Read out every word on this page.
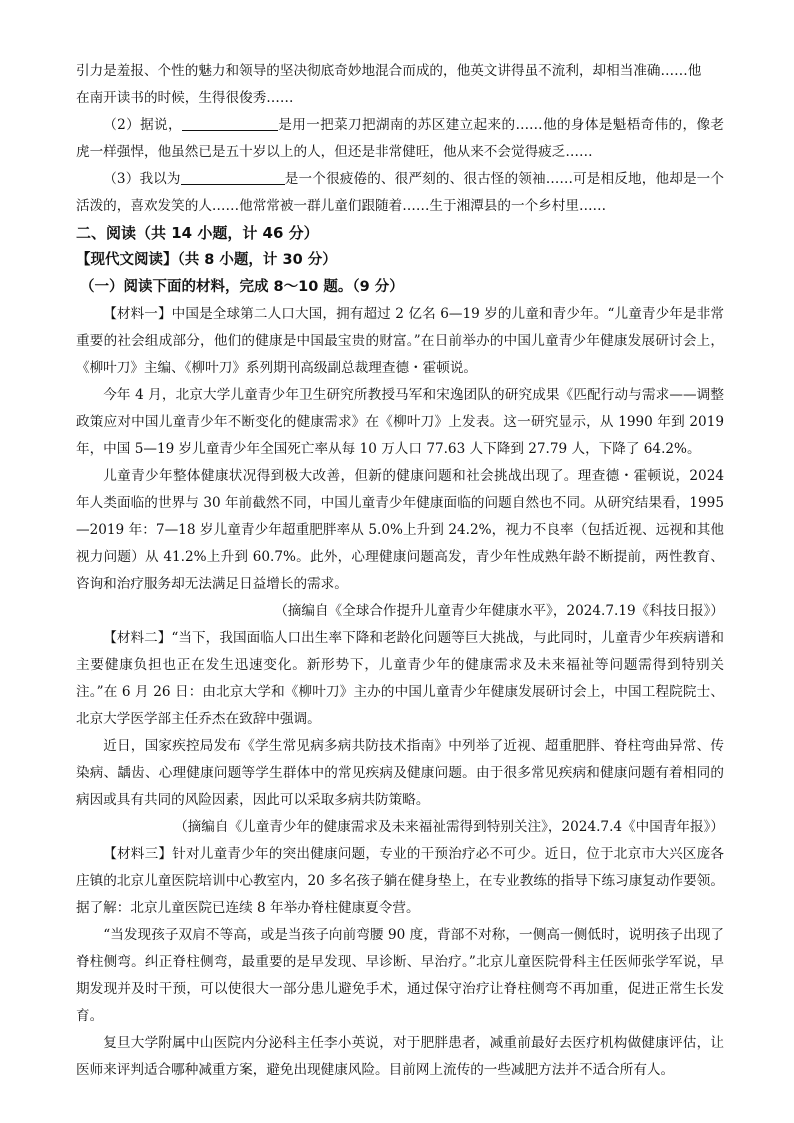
引力是羞报、个性的魅力和领导的坚决彻底奇妙地混合而成的，他英文讲得虽不流利，却相当准确……他
在南开读书的时候，生得很俊秀……

（2）据说，	是用一把菜刀把湖南的苏区建立起来的……他的身体是魁梧奇伟的，像老虎一样强悍，他虽然已是五十岁以上的人，但还是非常健旺，他从来不会觉得疲乏……

（3）我以为	是一个很疲倦的、很严刻的、很古怪的领袖……可是相反地，他却是一个活泼的，喜欢发笑的人……他常常被一群儿童们跟随着……生于湘潭县的一个乡村里……

二、阅读（共 14 小题，计 46 分）
【现代文阅读】（共 8 小题，计 30 分）
（一）阅读下面的材料，完成 8～10 题。（9 分）

【材料一】中国是全球第二人口大国，拥有超过 2 亿名 6—19 岁的儿童和青少年。“儿童青少年是非常重要的社会组成部分，他们的健康是中国最宝贵的财富。”在日前举办的中国儿童青少年健康发展研讨会上，《柳叶刀》主编、《柳叶刀》系列期刊高级副总裁理查德・霍顿说。

今年 4 月，北京大学儿童青少年卫生研究所教授马军和宋逸团队的研究成果《匹配行动与需求——调整政策应对中国儿童青少年不断变化的健康需求》在《柳叶刀》上发表。这一研究显示，从 1990 年到 2019 年，中国 5—19 岁儿童青少年全国死亡率从每 10 万人口 77.63 人下降到 27.79 人，下降了 64.2%。

儿童青少年整体健康状况得到极大改善，但新的健康问题和社会挑战出现了。理查德・霍顿说，2024 年人类面临的世界与 30 年前截然不同，中国儿童青少年健康面临的问题自然也不同。从研究结果看，1995—2019 年：7—18 岁儿童青少年超重肥胖率从 5.0%上升到 24.2%，视力不良率（包括近视、远视和其他视力问题）从 41.2%上升到 60.7%。此外，心理健康问题高发，青少年性成熟年龄不断提前，两性教育、咨询和治疗服务却无法满足日益增长的需求。

（摘编自《全球合作提升儿童青少年健康水平》，2024.7.19《科技日报》）

【材料二】“当下，我国面临人口出生率下降和老龄化问题等巨大挑战，与此同时，儿童青少年疾病谱和主要健康负担也正在发生迅速变化。新形势下，儿童青少年的健康需求及未来福祉等问题需得到特别关注。”在 6 月 26 日：由北京大学和《柳叶刀》主办的中国儿童青少年健康发展研讨会上，中国工程院院士、北京大学医学部主任乔杰在致辞中强调。

近日，国家疾控局发布《学生常见病多病共防技术指南》中列举了近视、超重肥胖、脊柱弯曲异常、传染病、龋齿、心理健康问题等学生群体中的常见疾病及健康问题。由于很多常见疾病和健康问题有着相同的病因或具有共同的风险因素，因此可以采取多病共防策略。

（摘编自《儿童青少年的健康需求及未来福祉需得到特别关注》，2024.7.4《中国青年报》）

【材料三】针对儿童青少年的突出健康问题，专业的干预治疗必不可少。近日，位于北京市大兴区庞各庄镇的北京儿童医院培训中心教室内，20 多名孩子躺在健身垫上，在专业教练的指导下练习康复动作要领。据了解：北京儿童医院已连续 8 年举办脊柱健康夏令营。

“当发现孩子双肩不等高，或是当孩子向前弯腰 90 度，背部不对称，一侧高一侧低时，说明孩子出现了脊柱侧弯。纠正脊柱侧弯，最重要的是早发现、早诊断、早治疗。”北京儿童医院骨科主任医师张学军说，早期发现并及时干预，可以使很大一部分患儿避免手术，通过保守治疗让脊柱侧弯不再加重，促进正常生长发育。

复旦大学附属中山医院内分泌科主任李小英说，对于肥胖患者，减重前最好去医疗机构做健康评估，让医师来评判适合哪种减重方案，避免出现健康风险。目前网上流传的一些减肥方法并不适合所有人。
